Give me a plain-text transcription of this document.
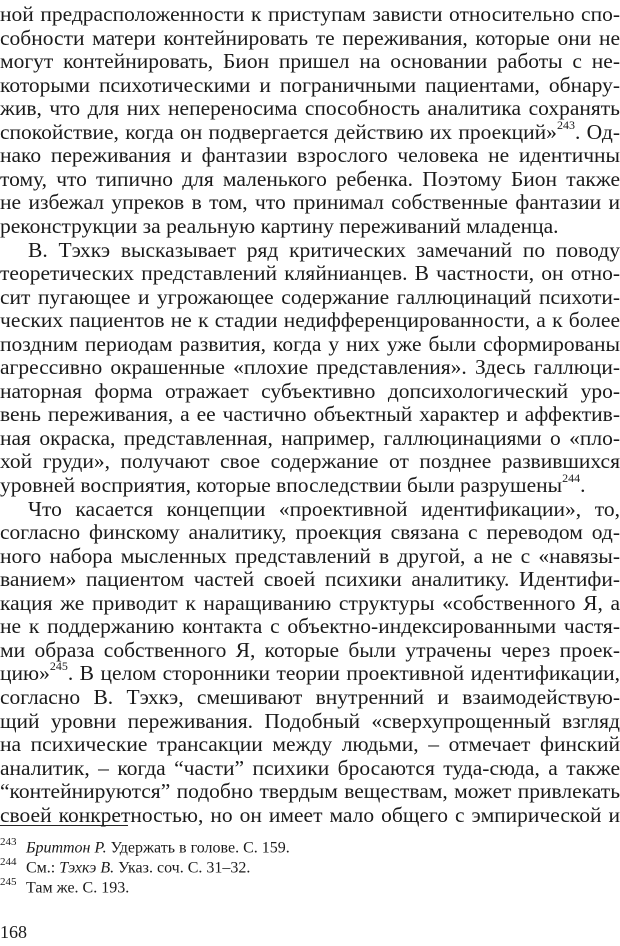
ной предрасположенности к приступам зависти относительно спо-
собности матери контейнировать те переживания, которые они не
могут контейнировать, Бион пришел на основании работы с не-
которыми психотическими и пограничными пациентами, обнару-
жив, что для них непереносима способность аналитика сохранять
спокойствие, когда он подвергается действию их проекций»$^{243}$. Од-
нако переживания и фантазии взрослого человека не идентичны
тому, что типично для маленького ребенка. Поэтому Бион также
не избежал упреков в том, что принимал собственные фантазии и
реконструкции за реальную картину переживаний младенца.
В. Тэхкэ высказывает ряд критических замечаний по поводу
теоретических представлений кляйнианцев. В частности, он отно-
сит пугающее и угрожающее содержание галлюцинаций психоти-
ческих пациентов не к стадии недифференцированности, а к более
поздним периодам развития, когда у них уже были сформированы
агрессивно окрашенные «плохие представления». Здесь галлюци-
наторная форма отражает субъективно допсихологический уро-
вень переживания, а ее частично объектный характер и аффектив-
ная окраска, представленная, например, галлюцинациями о «пло-
хой груди», получают свое содержание от позднее развившихся
уровней восприятия, которые впоследствии были разрушены$^{244}$.
Что касается концепции «проективной идентификации», то,
согласно финскому аналитику, проекция связана с переводом од-
ного набора мысленных представлений в другой, а не с «навязы-
ванием» пациентом частей своей психики аналитику. Идентифи-
кация же приводит к наращиванию структуры «собственного Я, а
не к поддержанию контакта с объектно-индексированными частя-
ми образа собственного Я, которые были утрачены через проек-
цию»$^{245}$. В целом сторонники теории проективной идентификации,
согласно В. Тэхкэ, смешивают внутренний и взаимодействую-
щий уровни переживания. Подобный «сверхупрощенный взгляд
на психические трансакции между людьми, – отмечает финский
аналитик, – когда “части” психики бросаются туда-сюда, а также
“контейнируются” подобно твердым веществам, может привлекать
своей конкретностью, но он имеет мало общего с эмпирической и
243 Бриттон Р. Удержать в голове. С. 159.
244 См.: Тэхкэ В. Указ. соч. С. 31–32.
245 Там же. С. 193.
168
